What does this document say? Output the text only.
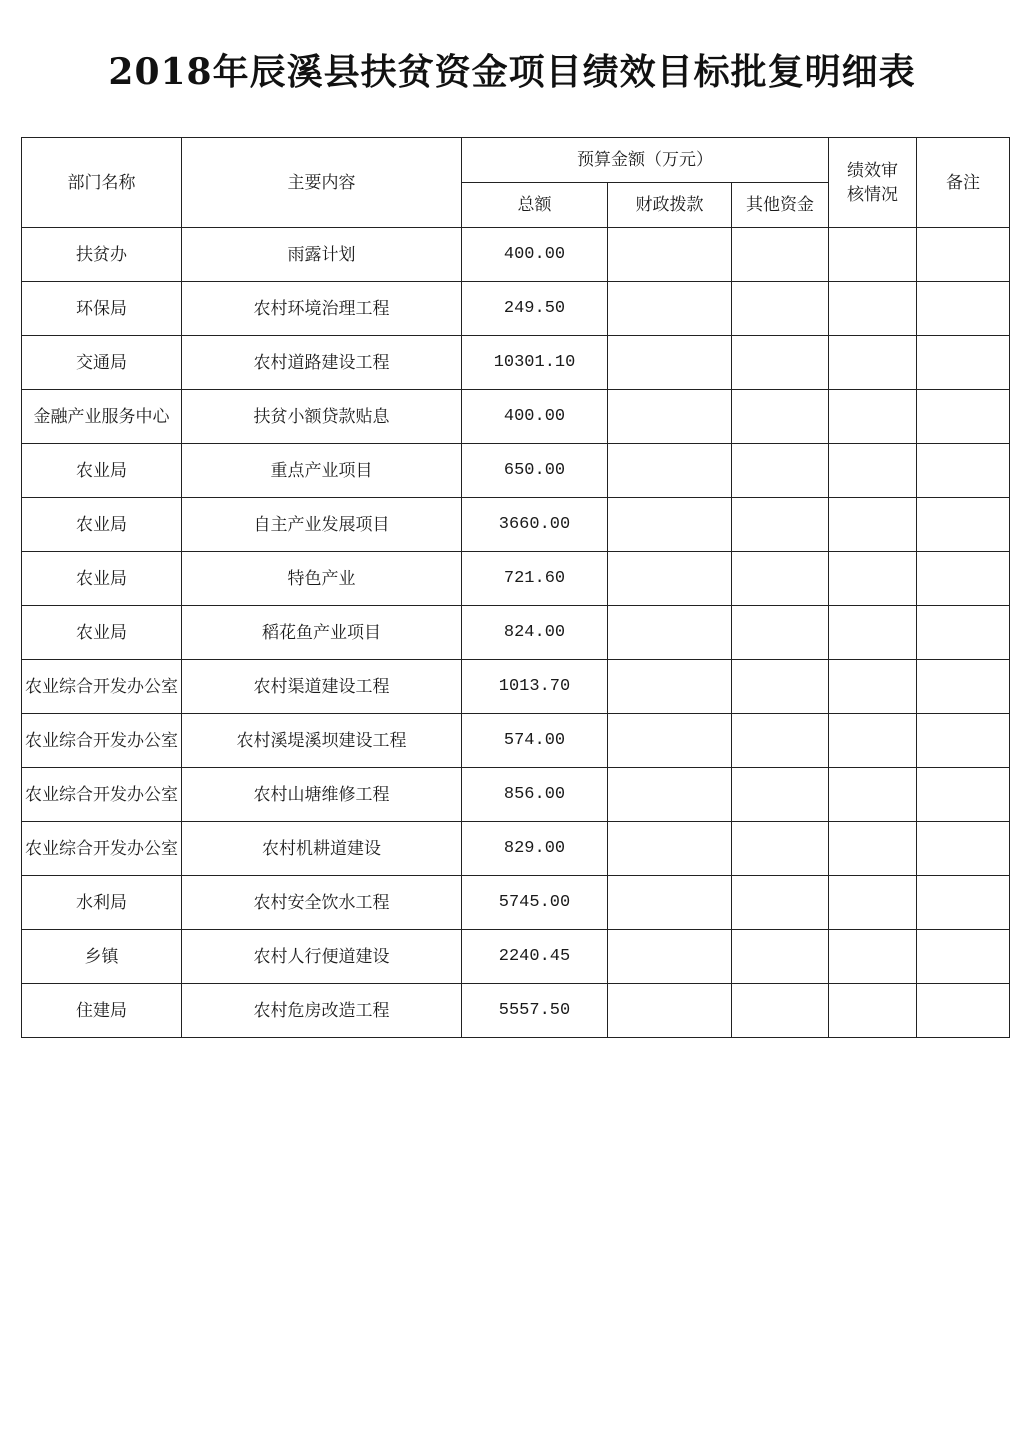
2018年辰溪县扶贫资金项目绩效目标批复明细表
部门名称	主要内容	预算金额（万元）			绩效审核情况	备注
		总额	财政拨款	其他资金		
扶贫办	雨露计划	400.00				
环保局	农村环境治理工程	249.50				
交通局	农村道路建设工程	10301.10				
金融产业服务中心	扶贫小额贷款贴息	400.00				
农业局	重点产业项目	650.00				
农业局	自主产业发展项目	3660.00				
农业局	特色产业	721.60				
农业局	稻花鱼产业项目	824.00				
农业综合开发办公室	农村渠道建设工程	1013.70				
农业综合开发办公室	农村溪堤溪坝建设工程	574.00				
农业综合开发办公室	农村山塘维修工程	856.00				
农业综合开发办公室	农村机耕道建设	829.00				
水利局	农村安全饮水工程	5745.00				
乡镇	农村人行便道建设	2240.45				
住建局	农村危房改造工程	5557.50				
